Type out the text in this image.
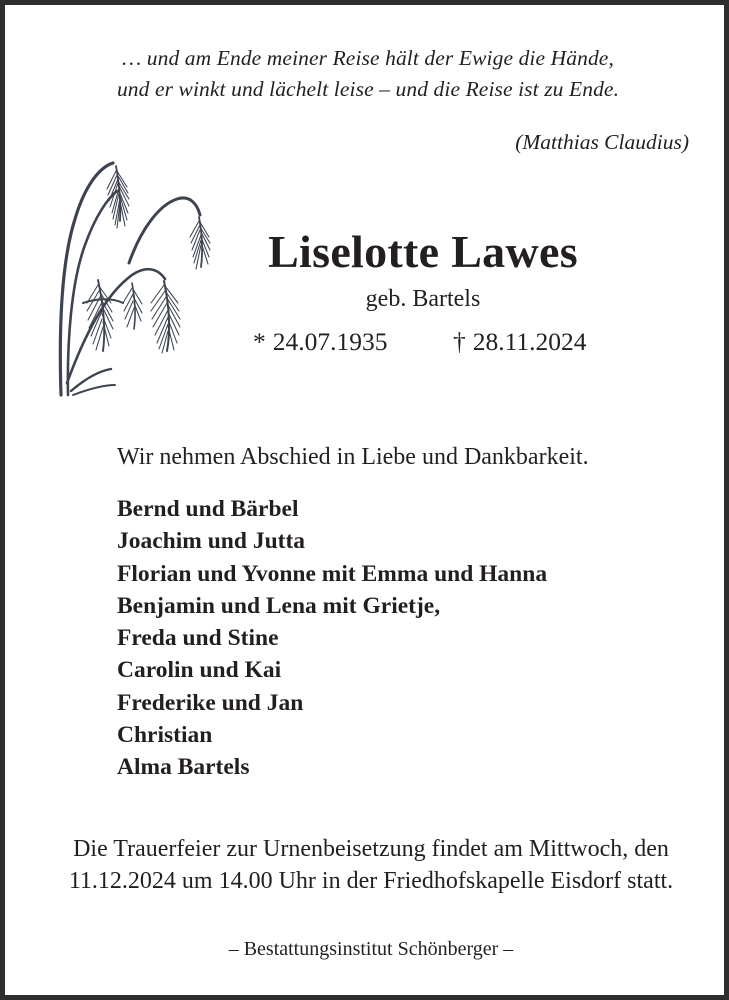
… und am Ende meiner Reise hält der Ewige die Hände,
und er winkt und lächelt leise – und die Reise ist zu Ende.
(Matthias Claudius)
Liselotte Lawes
geb. Bartels
* 24.07.1935	† 28.11.2024
Wir nehmen Abschied in Liebe und Dankbarkeit.
Bernd und Bärbel
Joachim und Jutta
Florian und Yvonne mit Emma und Hanna
Benjamin und Lena mit Grietje,
Freda und Stine
Carolin und Kai
Frederike und Jan
Christian
Alma Bartels
Die Trauerfeier zur Urnenbeisetzung findet am Mittwoch, den
11.12.2024 um 14.00 Uhr in der Friedhofskapelle Eisdorf statt.
– Bestattungsinstitut Schönberger –
